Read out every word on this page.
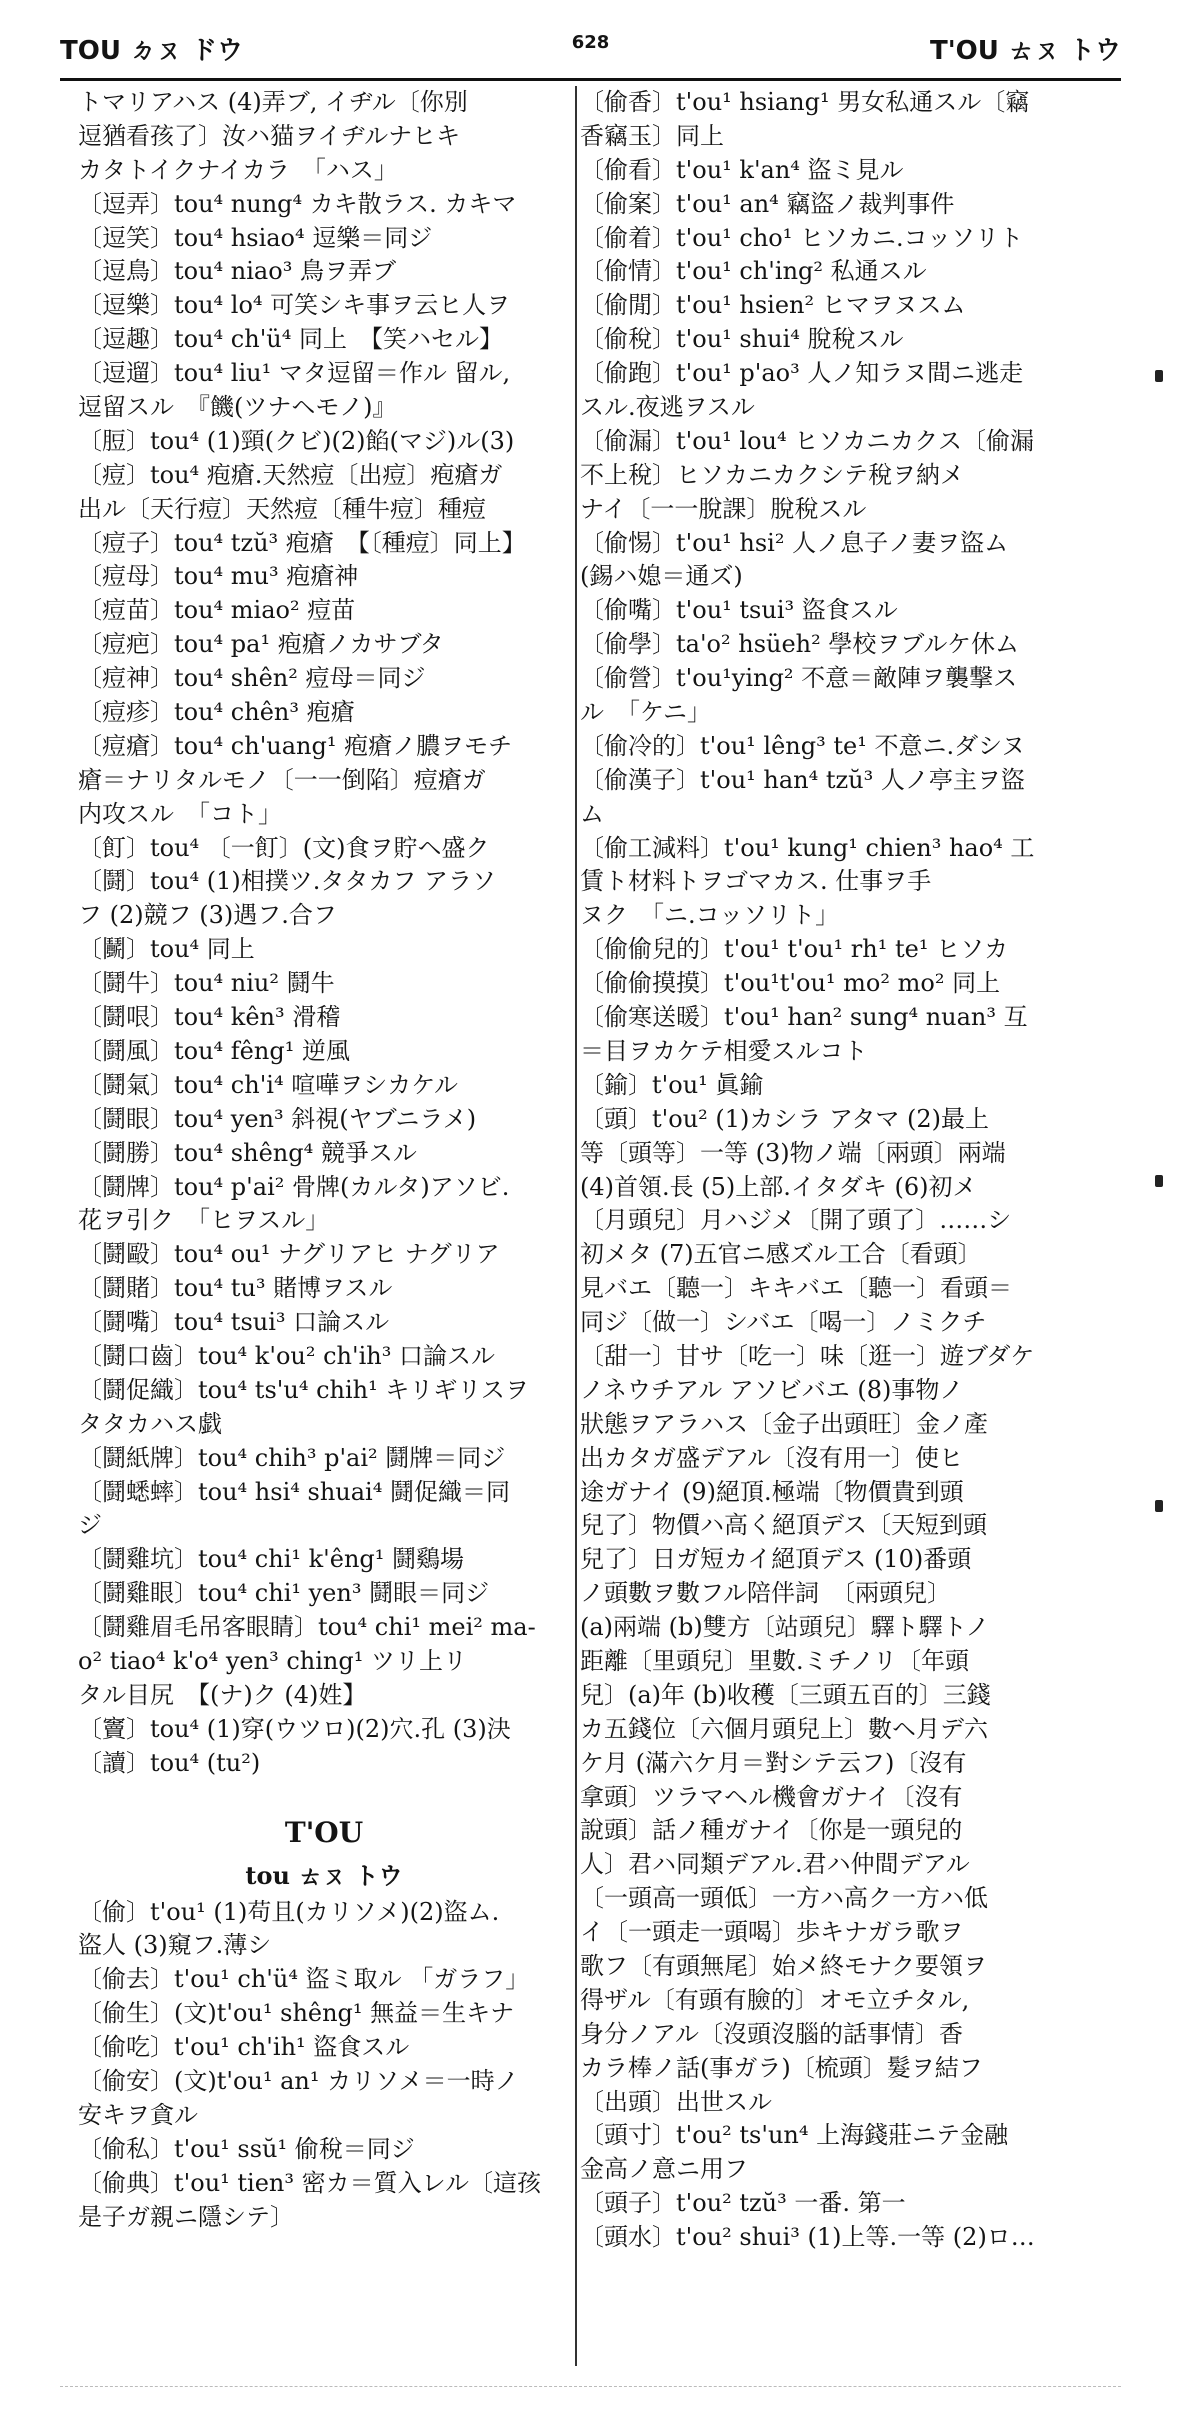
TOU ㄉㄡ ドウ	628	T'OU ㄊㄡ トウ
トマリアハス (4)弄ブ, イヂル〔你別
逗猶看孩了〕汝ハ猫ヲイヂルナヒキ
カタトイクナイカラ　「ハス」
〔逗弄〕tou⁴ nung⁴ カキ散ラス. カキマ
〔逗笑〕tou⁴ hsiao⁴ 逗樂＝同ジ
〔逗鳥〕tou⁴ niao³ 鳥ヲ弄ブ
〔逗樂〕tou⁴ lo⁴ 可笑シキ事ヲ云ヒ人ヲ
〔逗趣〕tou⁴ ch'ü⁴ 同上　【笑ハセル】
〔逗遛〕tou⁴ liu¹ マタ逗留＝作ル 留ル,
逗留スル　『饑(ツナヘモノ)』
〔脰〕tou⁴ (1)頸(クビ)(2)餡(マジ)ル(3)
〔痘〕tou⁴ 疱瘡.天然痘〔出痘〕疱瘡ガ
出ル〔天行痘〕天然痘〔種牛痘〕種痘
〔痘子〕tou⁴ tzŭ³ 疱瘡　【〔種痘〕同上】
〔痘母〕tou⁴ mu³ 疱瘡神
〔痘苗〕tou⁴ miao² 痘苗
〔痘疤〕tou⁴ pa¹ 疱瘡ノカサブタ
〔痘神〕tou⁴ shên² 痘母＝同ジ
〔痘疹〕tou⁴ chên³ 疱瘡
〔痘瘡〕tou⁴ ch'uang¹ 疱瘡ノ膿ヲモチ
瘡＝ナリタルモノ〔一一倒陷〕痘瘡ガ
内攻スル　「コト」
〔飣〕tou⁴ 〔一飣〕(文)食ヲ貯ヘ盛ク
〔鬪〕tou⁴ (1)相撲ツ.タタカフ アラソ
フ (2)競フ (3)遇フ.合フ
〔鬭〕tou⁴ 同上
〔鬪牛〕tou⁴ niu² 鬪牛
〔鬪哏〕tou⁴ kên³ 滑稽
〔鬪風〕tou⁴ fêng¹ 逆風
〔鬪氣〕tou⁴ ch'i⁴ 喧嘩ヲシカケル
〔鬪眼〕tou⁴ yen³ 斜視(ヤブニラメ)
〔鬪勝〕tou⁴ shêng⁴ 競爭スル
〔鬪牌〕tou⁴ p'ai² 骨牌(カルタ)アソビ.
花ヲ引ク　「ヒヲスル」
〔鬪毆〕tou⁴ ou¹ ナグリアヒ ナグリア
〔鬪賭〕tou⁴ tu³ 賭博ヲスル
〔鬪嘴〕tou⁴ tsui³ 口論スル
〔鬪口齒〕tou⁴ k'ou² ch'ih³ 口論スル
〔鬪促織〕tou⁴ ts'u⁴ chih¹ キリギリスヲ
タタカハス戯
〔鬪紙牌〕tou⁴ chih³ p'ai² 鬪牌＝同ジ
〔鬪蟋蟀〕tou⁴ hsi⁴ shuai⁴ 鬪促織＝同
ジ
〔鬪雞坑〕tou⁴ chi¹ k'êng¹ 鬪鷄場
〔鬪雞眼〕tou⁴ chi¹ yen³ 鬪眼＝同ジ
〔鬪雞眉毛吊客眼睛〕tou⁴ chi¹ mei² ma-
o² tiao⁴ k'o⁴ yen³ ching¹ ツリ上リ
タル目尻　【(ナ)ク (4)姓】
〔竇〕tou⁴ (1)穿(ウツロ)(2)穴.孔 (3)決
〔讀〕tou⁴ (tu²)
T'OU
tou ㄊㄡ トウ
〔偷〕t'ou¹ (1)苟且(カリソメ)(2)盜ム.
盜人 (3)窺フ.薄シ
〔偷去〕t'ou¹ ch'ü⁴ 盜ミ取ル 「ガラフ」
〔偷生〕(文)t'ou¹ shêng¹ 無益＝生キナ
〔偷吃〕t'ou¹ ch'ih¹ 盜食スル
〔偷安〕(文)t'ou¹ an¹ カリソメ＝一時ノ
安キヲ貪ル
〔偷私〕t'ou¹ ssŭ¹ 偷稅＝同ジ
〔偷典〕t'ou¹ tien³ 密カ＝質入レル〔這孩
是子ガ親ニ隱シテ〕
〔偷香〕t'ou¹ hsiang¹ 男女私通スル〔竊
香竊玉〕同上
〔偷看〕t'ou¹ k'an⁴ 盜ミ見ル
〔偷案〕t'ou¹ an⁴ 竊盜ノ裁判事件
〔偷着〕t'ou¹ cho¹ ヒソカニ.コッソリト
〔偷情〕t'ou¹ ch'ing² 私通スル
〔偷閒〕t'ou¹ hsien² ヒマヲヌスム
〔偷稅〕t'ou¹ shui⁴ 脫稅スル
〔偷跑〕t'ou¹ p'ao³ 人ノ知ラヌ間ニ逃走
スル.夜逃ヲスル
〔偷漏〕t'ou¹ lou⁴ ヒソカニカクス〔偷漏
不上稅〕ヒソカニカクシテ稅ヲ納メ
ナイ〔一一脫課〕脫稅スル
〔偷惕〕t'ou¹ hsi² 人ノ息子ノ妻ヲ盜ム
(錫ハ媳＝通ズ)
〔偷嘴〕t'ou¹ tsui³ 盜食スル
〔偷學〕ta'o² hsüeh² 學校ヲブルケ休ム
〔偷營〕t'ou¹ying² 不意＝敵陣ヲ襲撃ス
ル　「ケニ」
〔偷冷的〕t'ou¹ lêng³ te¹ 不意ニ.ダシヌ
〔偷漢子〕t'ou¹ han⁴ tzŭ³ 人ノ亭主ヲ盜
ム
〔偷工減料〕t'ou¹ kung¹ chien³ hao⁴ 工
賃ト材料トヲゴマカス. 仕事ヲ手
ヌク　「ニ.コッソリト」
〔偷偷兒的〕t'ou¹ t'ou¹ rh¹ te¹ ヒソカ
〔偷偷摸摸〕t'ou¹t'ou¹ mo² mo² 同上
〔偷寒送暖〕t'ou¹ han² sung⁴ nuan³ 互
＝目ヲカケテ相愛スルコト
〔鍮〕t'ou¹ 眞鍮
〔頭〕t'ou² (1)カシラ アタマ (2)最上
等〔頭等〕一等 (3)物ノ端〔兩頭〕兩端
(4)首領.長 (5)上部.イタダキ (6)初メ
〔月頭兒〕月ハジメ〔開了頭了〕……シ
初メタ (7)五官ニ感ズル工合〔看頭〕
見バエ〔聽一〕キキバエ〔聽一〕看頭＝
同ジ〔做一〕シバエ〔喝一〕ノミクチ
〔甜一〕甘サ〔吃一〕味〔逛一〕遊ブダケ
ノネウチアル アソビバエ (8)事物ノ
狀態ヲアラハス〔金子出頭旺〕金ノ產
出カタガ盛デアル〔沒有用一〕使ヒ
途ガナイ (9)絕頂.極端〔物價貴到頭
兒了〕物價ハ高く絕頂デス〔天短到頭
兒了〕日ガ短カイ絕頂デス (10)番頭
ノ頭數ヲ數フル陪伴詞　〔兩頭兒〕
(a)兩端 (b)雙方〔站頭兒〕驛ト驛トノ
距離〔里頭兒〕里數.ミチノリ〔年頭
兒〕(a)年 (b)收穫〔三頭五百的〕三錢
カ五錢位〔六個月頭兒上〕數ヘ月デ六
ケ月 (滿六ケ月＝對シテ云フ)〔沒有
拿頭〕ツラマヘル機會ガナイ〔沒有
說頭〕話ノ種ガナイ〔你是一頭兒的
人〕君ハ同類デアル.君ハ仲間デアル
〔一頭高一頭低〕一方ハ高ク一方ハ低
イ〔一頭走一頭喝〕歩キナガラ歌ヲ
歌フ〔有頭無尾〕始メ終モナク要領ヲ
得ザル〔有頭有臉的〕オモ立チタル,
身分ノアル〔沒頭沒腦的話事情〕香
カラ棒ノ話(事ガラ)〔梳頭〕髮ヲ結フ
〔出頭〕出世スル
〔頭寸〕t'ou² ts'un⁴ 上海錢莊ニテ金融
金高ノ意ニ用フ
〔頭子〕t'ou² tzŭ³ 一番. 第一
〔頭水〕t'ou² shui³ (1)上等.一等 (2)ロ…
